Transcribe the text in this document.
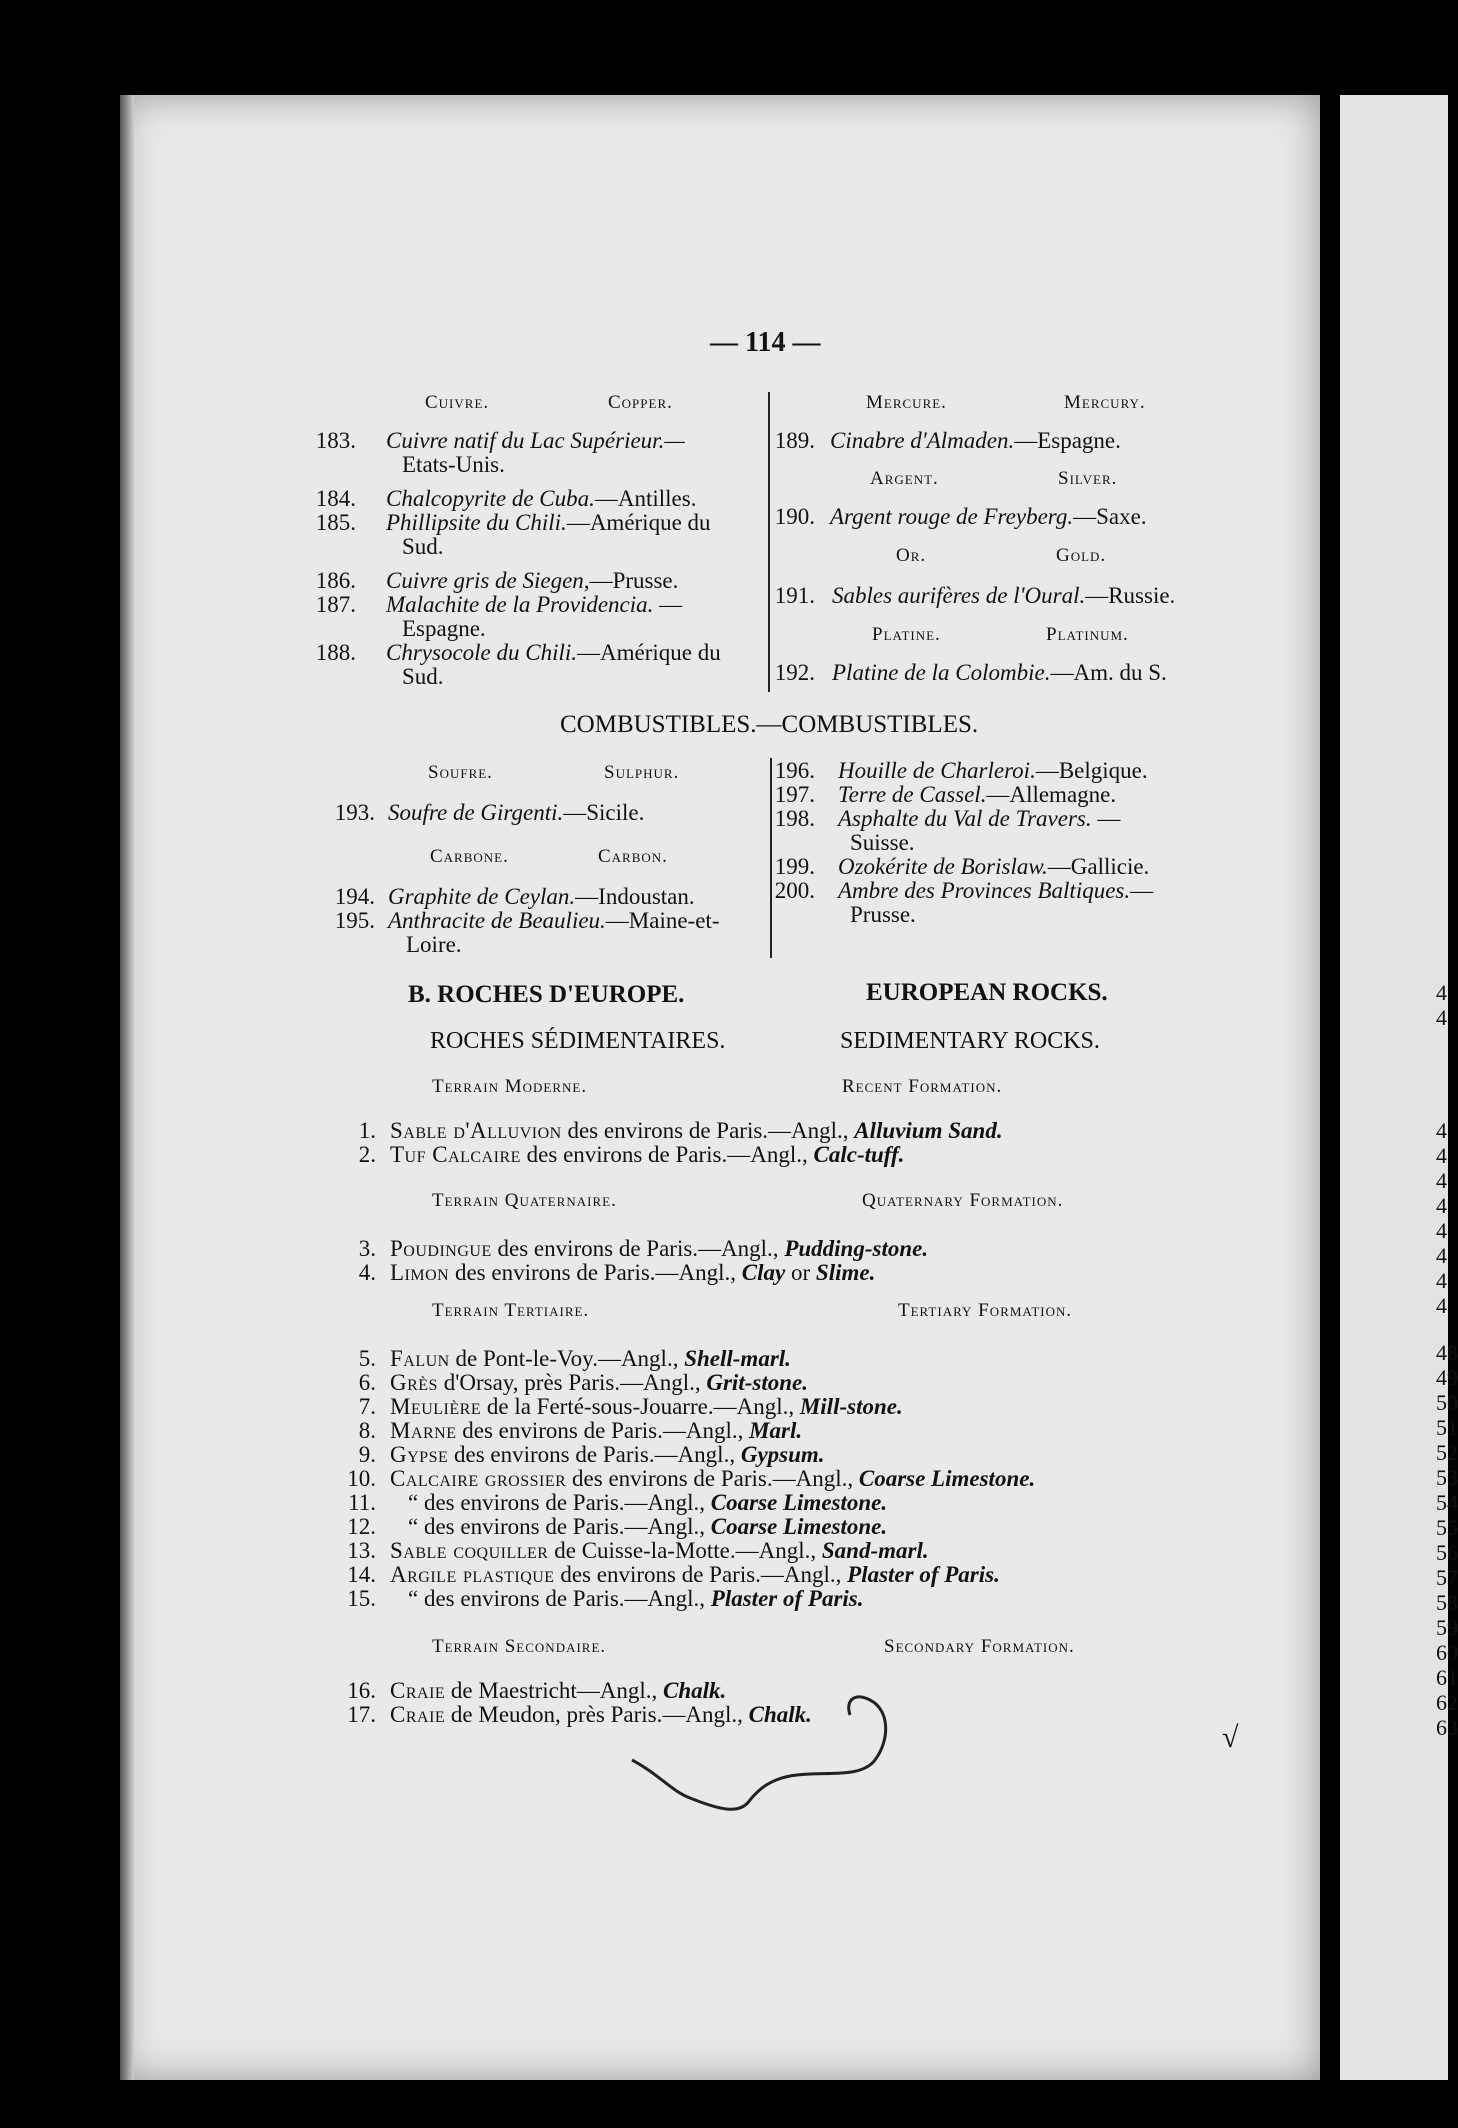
— 114 —
Cuivre.	Copper.
183. Cuivre natif du Lac Supérieur.—
Etats-Unis.
184. Chalcopyrite de Cuba.—Antilles.
185. Phillipsite du Chili.—Amérique du
Sud.
186. Cuivre gris de Siegen,—Prusse.
187. Malachite de la Providencia. —
Espagne.
188. Chrysocole du Chili.—Amérique du
Sud.
Mercure.	Mercury.
189. Cinabre d'Almaden.—Espagne.
Argent.	Silver.
190. Argent rouge de Freyberg.—Saxe.
Or.	Gold.
191. Sables aurifères de l'Oural.—Russie.
Platine.	Platinum.
192. Platine de la Colombie.—Am. du S.
COMBUSTIBLES.—COMBUSTIBLES.
Soufre.	Sulphur.
193. Soufre de Girgenti.—Sicile.
Carbone.	Carbon.
194. Graphite de Ceylan.—Indoustan.
195. Anthracite de Beaulieu.—Maine-et-
Loire.
196. Houille de Charleroi.—Belgique.
197. Terre de Cassel.—Allemagne.
198. Asphalte du Val de Travers. —
Suisse.
199. Ozokérite de Borislaw.—Gallicie.
200. Ambre des Provinces Baltiques.—
Prusse.
B. ROCHES D'EUROPE.	EUROPEAN ROCKS.
ROCHES SÉDIMENTAIRES.	SEDIMENTARY ROCKS.
Terrain Moderne.	Recent Formation.
1. Sable d'Alluvion des environs de Paris.—Angl., Alluvium Sand.
2. Tuf Calcaire des environs de Paris.—Angl., Calc-tuff.
Terrain Quaternaire.	Quaternary Formation.
3. Poudingue des environs de Paris.—Angl., Pudding-stone.
4. Limon des environs de Paris.—Angl., Clay or Slime.
Terrain Tertiaire.	Tertiary Formation.
5. Falun de Pont-le-Voy.—Angl., Shell-marl.
6. Grès d'Orsay, près Paris.—Angl., Grit-stone.
7. Meulière de la Ferté-sous-Jouarre.—Angl., Mill-stone.
8. Marne des environs de Paris.—Angl., Marl.
9. Gypse des environs de Paris.—Angl., Gypsum.
10. Calcaire grossier des environs de Paris.—Angl., Coarse Limestone.
11.	“ des environs de Paris.—Angl., Coarse Limestone.
12.	“ des environs de Paris.—Angl., Coarse Limestone.
13. Sable coquiller de Cuisse-la-Motte.—Angl., Sand-marl.
14. Argile plastique des environs de Paris.—Angl., Plaster of Paris.
15.	“ des environs de Paris.—Angl., Plaster of Paris.
Terrain Secondaire.	Secondary Formation.
16. Craie de Maestricht—Angl., Chalk.
17. Craie de Meudon, près Paris.—Angl., Chalk.
√
4
4
4
4
4
4
4
4
4
4
48
49
50
51
52
53
54
55
56
57
58
59
60
61
62
63
